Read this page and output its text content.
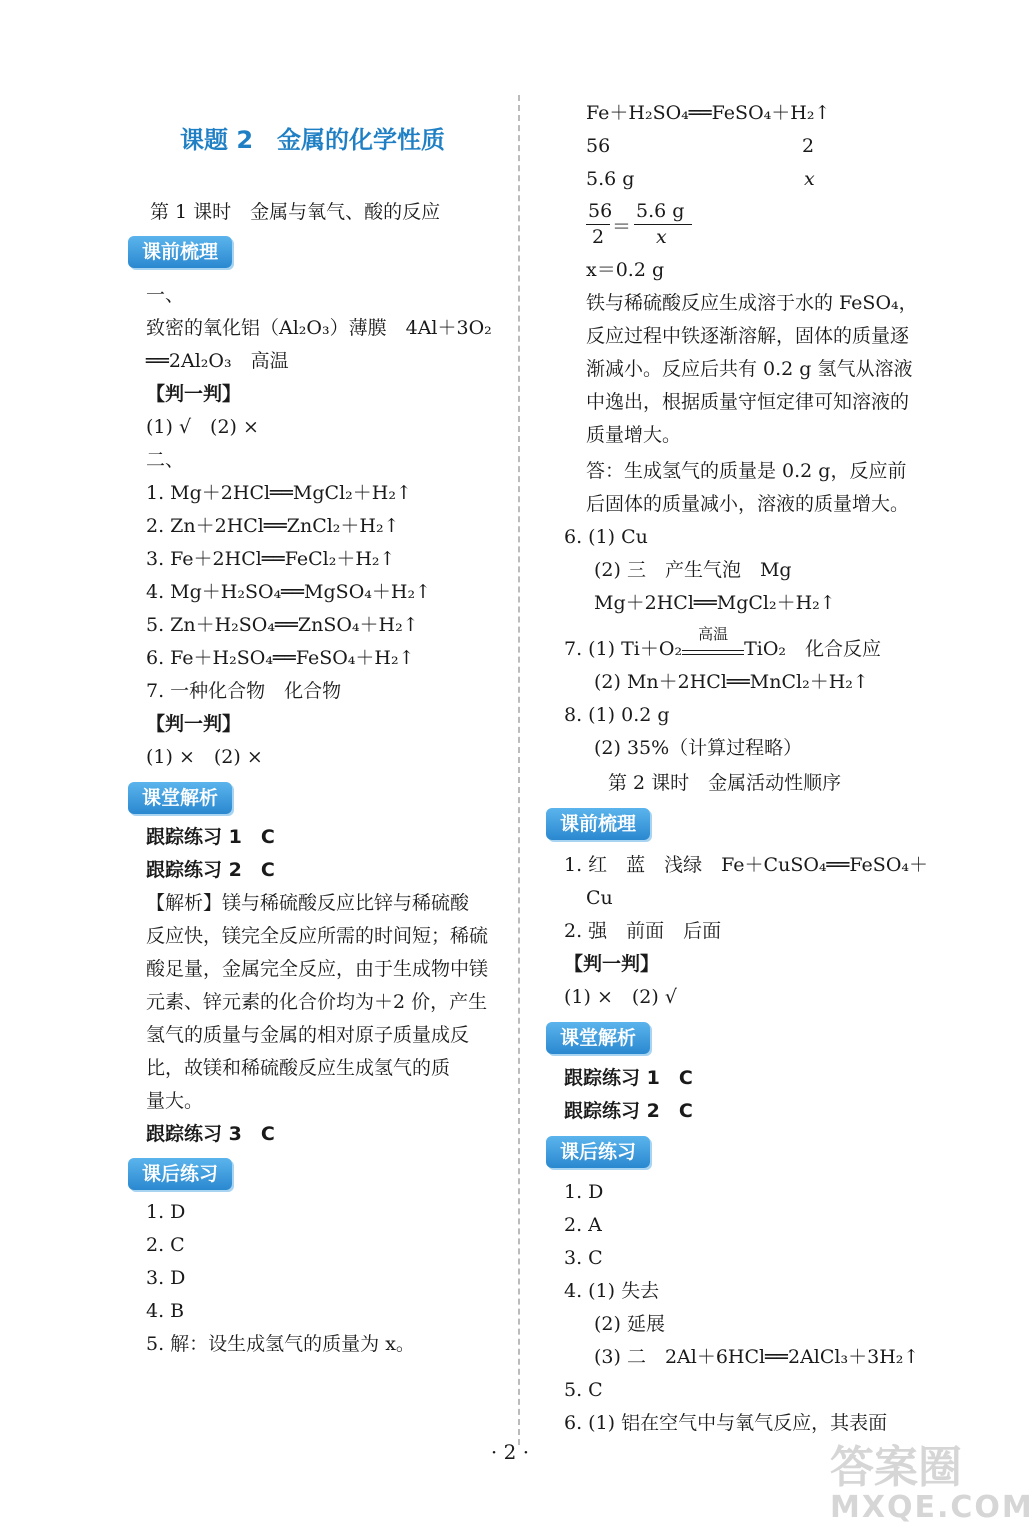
课题 2　金属的化学性质
第 1 课时　金属与氧气、酸的反应
课前梳理
一、
致密的氧化铝（Al₂O₃）薄膜　4Al＋3O₂
══2Al₂O₃　高温
【判一判】
(1) √　(2) ×
二、
1. Mg＋2HCl══MgCl₂＋H₂↑
2. Zn＋2HCl══ZnCl₂＋H₂↑
3. Fe＋2HCl══FeCl₂＋H₂↑
4. Mg＋H₂SO₄══MgSO₄＋H₂↑
5. Zn＋H₂SO₄══ZnSO₄＋H₂↑
6. Fe＋H₂SO₄══FeSO₄＋H₂↑
7. 一种化合物　化合物
【判一判】
(1) ×　(2) ×
课堂解析
跟踪练习 1　C
跟踪练习 2　C
【解析】镁与稀硫酸反应比锌与稀硫酸
反应快，镁完全反应所需的时间短；稀硫
酸足量，金属完全反应，由于生成物中镁
元素、锌元素的化合价均为＋2 价，产生
氢气的质量与金属的相对原子质量成反
比，故镁和稀硫酸反应生成氢气的质
量大。
跟踪练习 3　C
课后练习
1. D
2. C
3. D
4. B
5. 解：设生成氢气的质量为 x。
Fe＋H₂SO₄══FeSO₄＋H₂↑
56	2
5.6 g	x
56
2 ＝
5.6 g
x
x＝0.2 g
铁与稀硫酸反应生成溶于水的 FeSO₄，
反应过程中铁逐渐溶解，固体的质量逐
渐减小。反应后共有 0.2 g 氢气从溶液
中逸出，根据质量守恒定律可知溶液的
质量增大。
答：生成氢气的质量是 0.2 g，反应前
后固体的质量减小，溶液的质量增大。
6. (1) Cu
(2) 三　产生气泡　Mg
Mg＋2HCl══MgCl₂＋H₂↑
7. (1) Ti＋O₂
高温
TiO₂　化合反应
(2) Mn＋2HCl══MnCl₂＋H₂↑
8. (1) 0.2 g
(2) 35%（计算过程略）
第 2 课时　金属活动性顺序
课前梳理
1. 红　蓝　浅绿　Fe＋CuSO₄══FeSO₄＋
Cu
2. 强　前面　后面
【判一判】
(1) ×　(2) √
课堂解析
跟踪练习 1　C
跟踪练习 2　C
课后练习
1. D
2. A
3. C
4. (1) 失去
(2) 延展
(3) 二　2Al＋6HCl══2AlCl₃＋3H₂↑
5. C
6. (1) 铝在空气中与氧气反应，其表面
· 2 ·	答案圈
MXQE.COM
